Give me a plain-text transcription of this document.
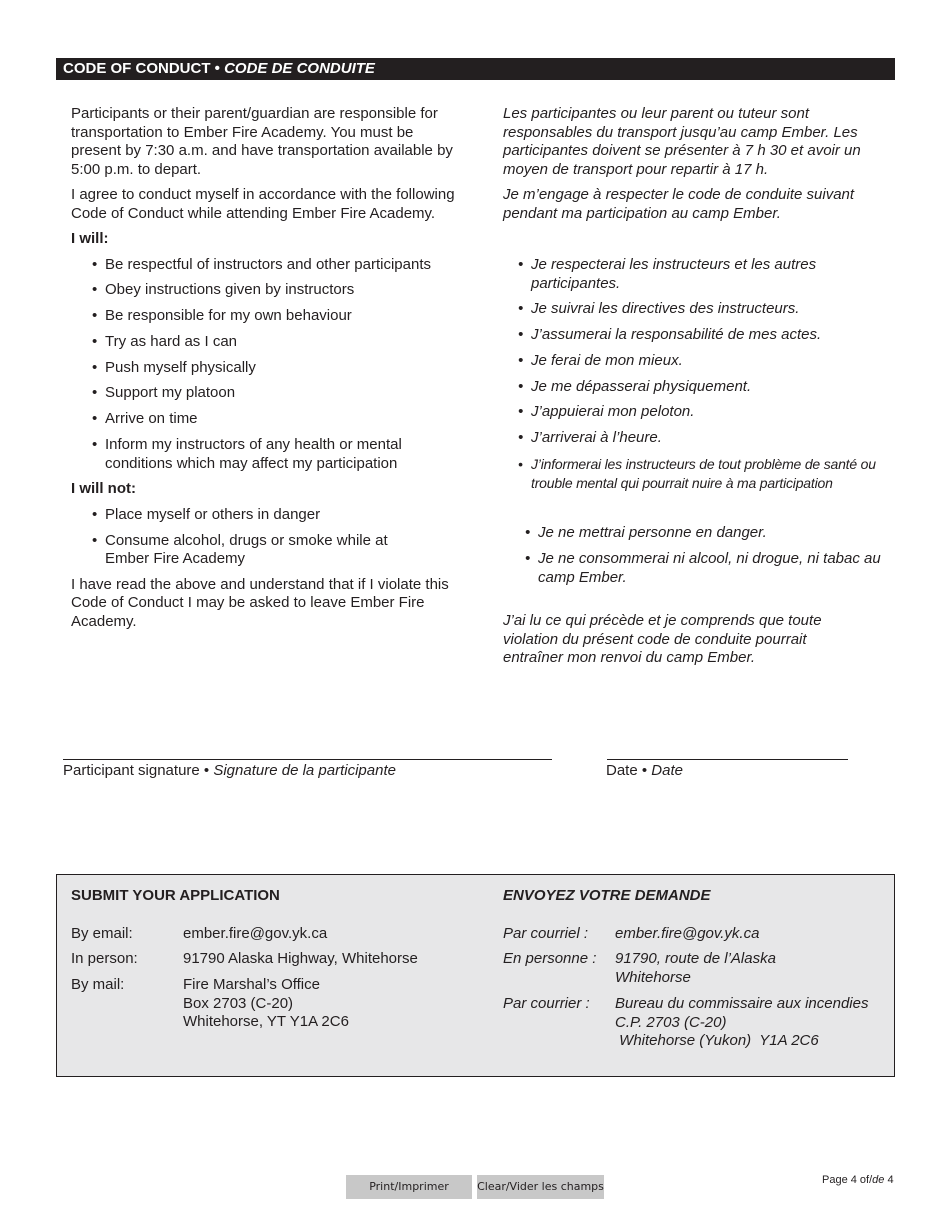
CODE OF CONDUCT • CODE DE CONDUITE

Participants or their parent/guardian are responsible for transportation to Ember Fire Academy. You must be present by 7:30 a.m. and have transportation available by 5:00 p.m. to depart.

I agree to conduct myself in accordance with the following Code of Conduct while attending Ember Fire Academy.

I will:

• Be respectful of instructors and other participants
• Obey instructions given by instructors
• Be responsible for my own behaviour
• Try as hard as I can
• Push myself physically
• Support my platoon
• Arrive on time
• Inform my instructors of any health or mental conditions which may affect my participation

I will not:

• Place myself or others in danger
• Consume alcohol, drugs or smoke while at Ember Fire Academy

I have read the above and understand that if I violate this Code of Conduct I may be asked to leave Ember Fire Academy.

Les participantes ou leur parent ou tuteur sont responsables du transport jusqu’au camp Ember. Les participantes doivent se présenter à 7 h 30 et avoir un moyen de transport pour repartir à 17 h.

Je m’engage à respecter le code de conduite suivant pendant ma participation au camp Ember.

• Je respecterai les instructeurs et les autres participantes.
• Je suivrai les directives des instructeurs.
• J’assumerai la responsabilité de mes actes.
• Je ferai de mon mieux.
• Je me dépasserai physiquement.
• J’appuierai mon peloton.
• J’arriverai à l’heure.
• J’informerai les instructeurs de tout problème de santé ou trouble mental qui pourrait nuire à ma participation
• Je ne mettrai personne en danger.
• Je ne consommerai ni alcool, ni drogue, ni tabac au camp Ember.

J’ai lu ce qui précède et je comprends que toute violation du présent code de conduite pourrait entraîner mon renvoi du camp Ember.

Participant signature • Signature de la participante	Date • Date
SUBMIT YOUR APPLICATION	ENVOYEZ VOTRE DEMANDE
By email:	ember.fire@gov.yk.ca
In person:	91790 Alaska Highway, Whitehorse
By mail:	Fire Marshal’s Office
Box 2703 (C-20)
Whitehorse, YT Y1A 2C6
Par courriel :	ember.fire@gov.yk.ca
En personne :	91790, route de l’Alaska
Whitehorse
Par courrier :	Bureau du commissaire aux incendies
C.P. 2703 (C-20)
Whitehorse (Yukon)  Y1A 2C6
Print/Imprimer	Clear/Vider les champs	Page 4 of/de 4
